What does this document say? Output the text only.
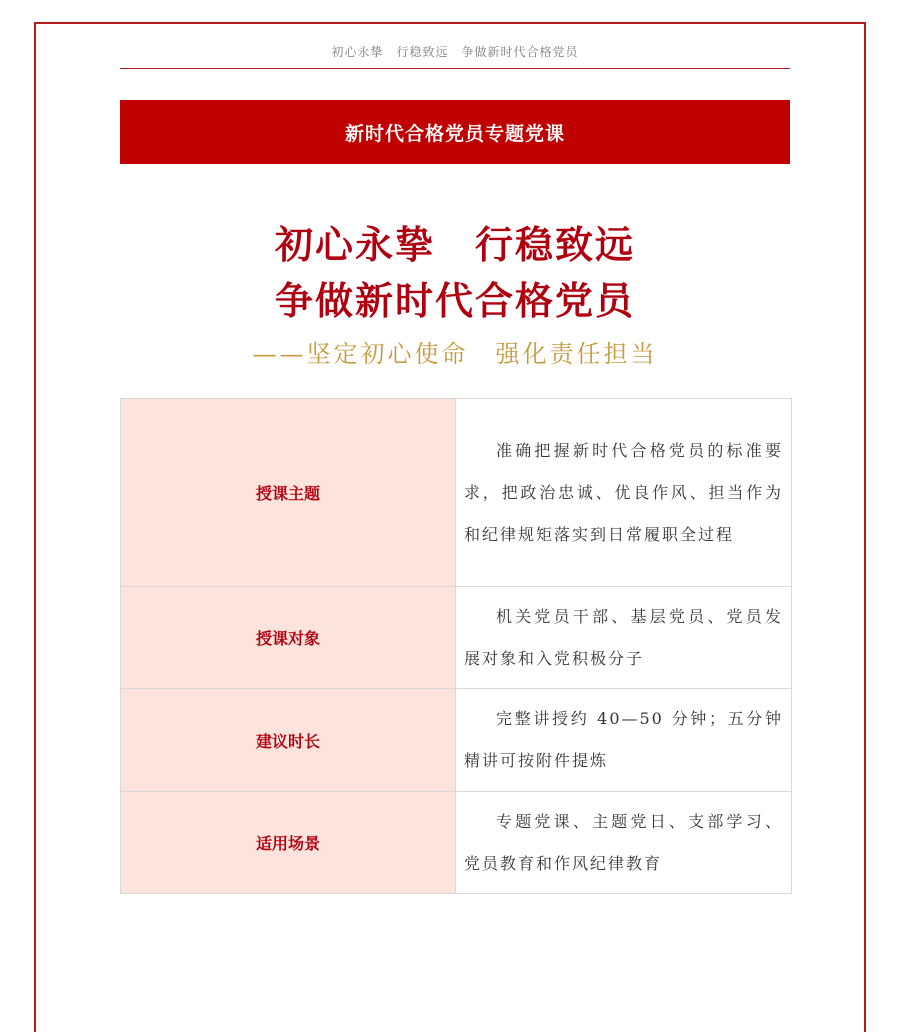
初心永挚　行稳致远　争做新时代合格党员
新时代合格党员专题党课
初心永挚　行稳致远
争做新时代合格党员
——坚定初心使命　强化责任担当
授课主题	准确把握新时代合格党员的标准要求，把政治忠诚、优良作风、担当作为和纪律规矩落实到日常履职全过程
授课对象	机关党员干部、基层党员、党员发展对象和入党积极分子
建议时长	完整讲授约 40—50 分钟；五分钟精讲可按附件提炼
适用场景	专题党课、主题党日、支部学习、党员教育和作风纪律教育
